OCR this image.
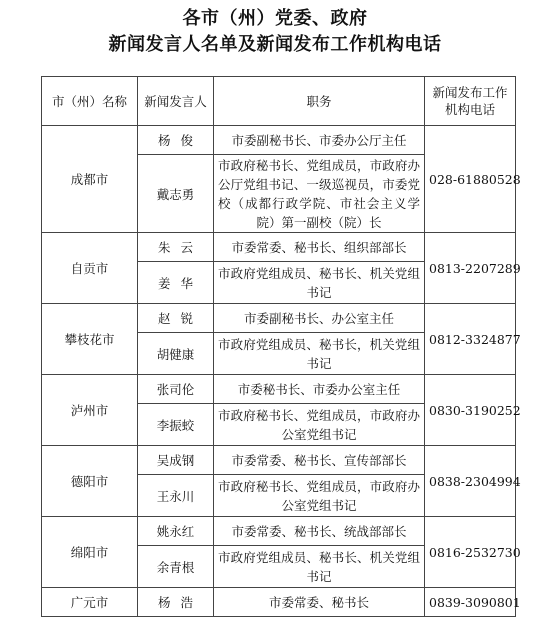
各市（州）党委、政府
新闻发言人名单及新闻发布工作机构电话
市（州）名称	新闻发言人	职务	新闻发布工作
机构电话

成都市	杨俊	市委副秘书长、市委办公厅主任	028-61880528
	戴志勇	市政府秘书长、党组成员，市政府办公厅党组书记、一级巡视员，市委党校（成都行政学院、市社会主义学院）第一副校（院）长	
自贡市	朱云	市委常委、秘书长、组织部部长	0813-2207289
	姜华	市政府党组成员、秘书长、机关党组书记	
攀枝花市	赵锐	市委副秘书长、办公室主任	0812-3324877
	胡健康	市政府党组成员、秘书长，机关党组书记	
泸州市	张司伦	市委秘书长、市委办公室主任	0830-3190252
	李振蛟	市政府秘书长、党组成员，市政府办公室党组书记	
德阳市	吴成钢	市委常委、秘书长、宣传部部长	0838-2304994
	王永川	市政府秘书长、党组成员，市政府办公室党组书记	
绵阳市	姚永红	市委常委、秘书长、统战部部长	0816-2532730
	余青根	市政府党组成员、秘书长、机关党组书记	
广元市	杨浩	市委常委、秘书长	0839-3090801
